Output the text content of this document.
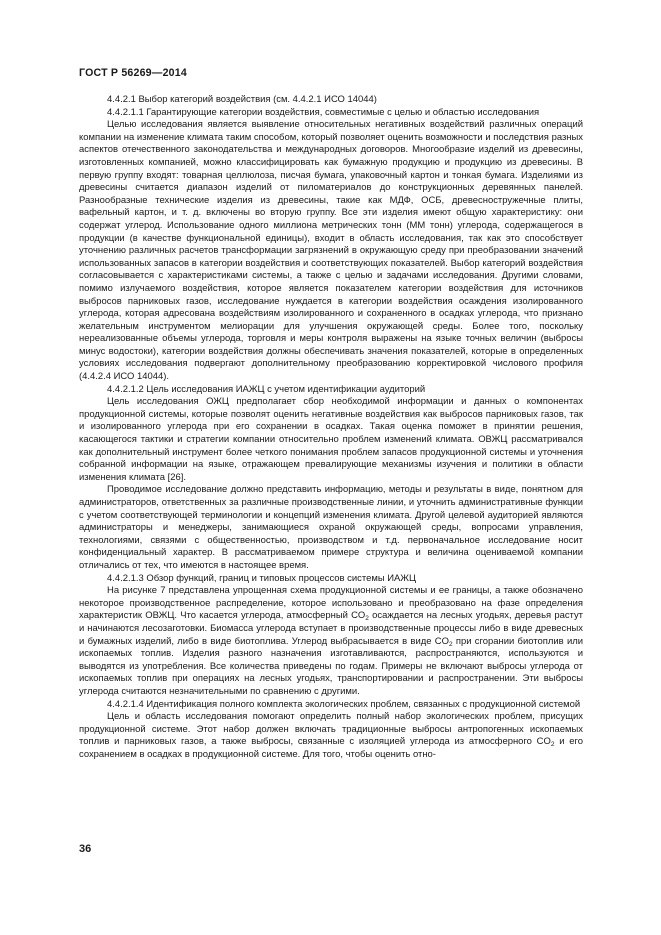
ГОСТ Р 56269—2014

4.4.2.1 Выбор категорий воздействия (см. 4.4.2.1 ИСО 14044)

4.4.2.1.1 Гарантирующие категории воздействия, совместимые с целью и областью исследования

Целью исследования является выявление относительных негативных воздействий различных операций компании на изменение климата таким способом, который позволяет оценить возможности и последствия разных аспектов отечественного законодательства и международных договоров. Многообразие изделий из древесины, изготовленных компанией, можно классифицировать как бумажную продукцию и продукцию из древесины. В первую группу входят: товарная целлюлоза, писчая бумага, упаковочный картон и тонкая бумага. Изделиями из древесины считается диапазон изделий от пиломатериалов до конструкционных деревянных панелей. Разнообразные технические изделия из древесины, такие как МДФ, ОСБ, древесностружечные плиты, вафельный картон, и т. д. включены во вторую группу. Все эти изделия имеют общую характеристику: они содержат углерод. Использование одного миллиона метрических тонн (ММ тонн) углерода, содержащегося в продукции (в качестве функциональной единицы), входит в область исследования, так как это способствует уточнению различных расчетов трансформации загрязнений в окружающую среду при преобразовании значений использованных запасов в категории воздействия и соответствующих показателей. Выбор категорий воздействия согласовывается с характеристиками системы, а также с целью и задачами исследования. Другими словами, помимо излучаемого воздействия, которое является показателем категории воздействия для источников выбросов парниковых газов, исследование нуждается в категории воздействия осаждения изолированного углерода, которая адресована воздействиям изолированного и сохраненного в осадках углерода, что признано желательным инструментом мелиорации для улучшения окружающей среды. Более того, поскольку нереализованные объемы углерода, торговля и меры контроля выражены на языке точных величин (выбросы минус водостоки), категории воздействия должны обеспечивать значения показателей, которые в определенных условиях исследования подвергают дополнительному преобразованию корректировкой числового профиля (4.4.2.4 ИСО 14044).

4.4.2.1.2 Цель исследования ИАЖЦ с учетом идентификации аудиторий

Цель исследования ОЖЦ предполагает сбор необходимой информации и данных о компонентах продукционной системы, которые позволят оценить негативные воздействия как выбросов парниковых газов, так и изолированного углерода при его сохранении в осадках. Такая оценка поможет в принятии решения, касающегося тактики и стратегии компании относительно проблем изменений климата. ОВЖЦ рассматривался как дополнительный инструмент более четкого понимания проблем запасов продукционной системы и уточнения собранной информации на языке, отражающем превалирующие механизмы изучения и политики в области изменения климата [26].

Проводимое исследование должно представить информацию, методы и результаты в виде, понятном для администраторов, ответственных за различные производственные линии, и уточнить административные функции с учетом соответствующей терминологии и концепций изменения климата. Другой целевой аудиторией являются администраторы и менеджеры, занимающиеся охраной окружающей среды, вопросами управления, технологиями, связями с общественностью, производством и т.д. первоначальное исследование носит конфиденциальный характер. В рассматриваемом примере структура и величина оцениваемой компании отличались от тех, что имеются в настоящее время.

4.4.2.1.3 Обзор функций, границ и типовых процессов системы ИАЖЦ

На рисунке 7 представлена упрощенная схема продукционной системы и ее границы, а также обозначено некоторое производственное распределение, которое использовано и преобразовано на фазе определения характеристик ОВЖЦ. Что касается углерода, атмосферный $CO_2$ осаждается на лесных угодьях, деревья растут и начинаются лесозаготовки. Биомасса углерода вступает в производственные процессы либо в виде древесных и бумажных изделий, либо в виде биотоплива. Углерод выбрасывается в виде $CO_2$ при сгорании биотоплив или ископаемых топлив. Изделия разного назначения изготавливаются, распространяются, используются и выводятся из употребления. Все количества приведены по годам. Примеры не включают выбросы углерода от ископаемых топлив при операциях на лесных угодьях, транспортировании и распространении. Эти выбросы углерода считаются незначительными по сравнению с другими.

4.4.2.1.4 Идентификация полного комплекта экологических проблем, связанных с продукционной системой

Цель и область исследования помогают определить полный набор экологических проблем, присущих продукционной системе. Этот набор должен включать традиционные выбросы антропогенных ископаемых топлив и парниковых газов, а также выбросы, связанные с изоляцией углерода из атмосферного $CO_2$ и его сохранением в осадках в продукционной системе. Для того, чтобы оценить отно-

36
